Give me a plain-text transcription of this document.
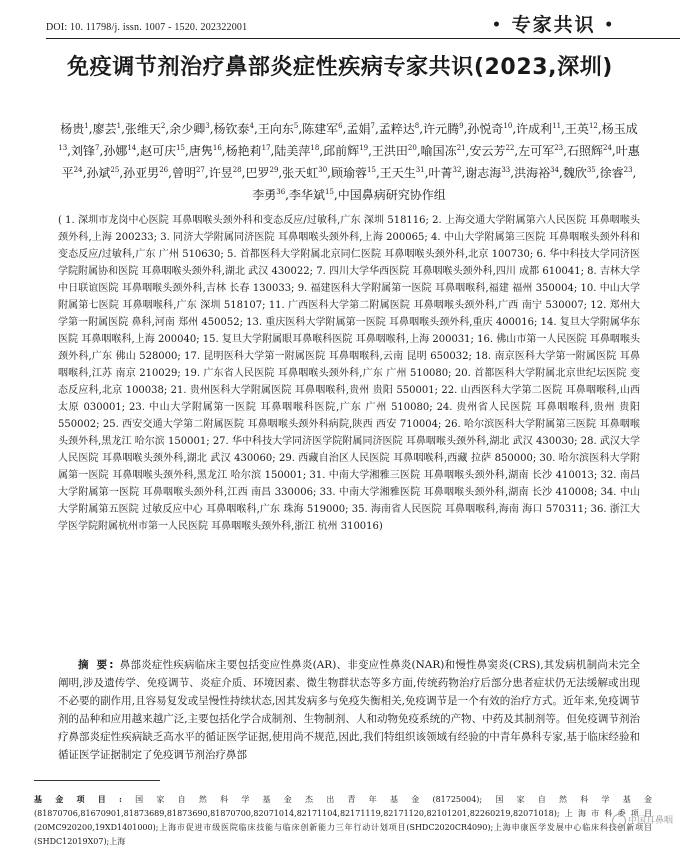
DOI: 10. 11798/j. issn. 1007 - 1520. 202322001	• 专家共识 •
免疫调节剂治疗鼻部炎症性疾病专家共识(2023,深圳)
杨贵$^1$,廖芸$^1$,张维天$^2$,余少卿$^3$,杨钦泰$^4$,王向东$^5$,陈建军$^6$,孟娟$^7$,孟粹达$^8$,许元腾$^9$,孙悦奇$^{10}$,许成利$^{11}$,王英$^{12}$,杨玉成$^{13}$,刘锋$^7$,孙娜$^{14}$,赵可庆$^{15}$,唐隽$^{16}$,杨艳莉$^{17}$,陆美萍$^{18}$,邱前辉$^{19}$,王洪田$^{20}$,喻国冻$^{21}$,安云芳$^{22}$,左可军$^{23}$,石照辉$^{24}$,叶惠平$^{24}$,孙斌$^{25}$,孙亚男$^{26}$,曾明$^{27}$,许昱$^{28}$,巴罗$^{29}$,张天虹$^{30}$,顾瑜蓉$^{15}$,王天生$^{31}$,叶菁$^{32}$,谢志海$^{33}$,洪海裕$^{34}$,魏欣$^{35}$,徐睿$^{23}$,李勇$^{36}$,李华斌$^{15}$,中国鼻病研究协作组
( 1. 深圳市龙岗中心医院 耳鼻咽喉头颈外科和变态反应/过敏科,广东 深圳 518116; 2. 上海交通大学附属第六人民医院 耳鼻咽喉头颈外科,上海 200233; 3. 同济大学附属同济医院 耳鼻咽喉头颈外科,上海 200065; 4. 中山大学附属第三医院 耳鼻咽喉头颈外科和变态反应/过敏科,广东 广州 510630; 5. 首都医科大学附属北京同仁医院 耳鼻咽喉头颈外科,北京 100730; 6. 华中科技大学同济医学院附属协和医院 耳鼻咽喉头颈外科,湖北 武汉 430022; 7. 四川大学华西医院 耳鼻咽喉头颈外科,四川 成都 610041; 8. 吉林大学中日联谊医院 耳鼻咽喉头颈外科,吉林 长春 130033; 9. 福建医科大学附属第一医院 耳鼻咽喉科,福建 福州 350004; 10. 中山大学附属第七医院 耳鼻咽喉科,广东 深圳 518107; 11. 广西医科大学第二附属医院 耳鼻咽喉头颈外科,广西 南宁 530007; 12. 郑州大学第一附属医院 鼻科,河南 郑州 450052; 13. 重庆医科大学附属第一医院 耳鼻咽喉头颈外科,重庆 400016; 14. 复旦大学附属华东医院 耳鼻咽喉科,上海 200040; 15. 复旦大学附属眼耳鼻喉科医院 耳鼻咽喉科,上海 200031; 16. 佛山市第一人民医院 耳鼻咽喉头颈外科,广东 佛山 528000; 17. 昆明医科大学第一附属医院 耳鼻咽喉科,云南 昆明 650032; 18. 南京医科大学第一附属医院 耳鼻咽喉科,江苏 南京 210029; 19. 广东省人民医院 耳鼻咽喉头颈外科,广东 广州 510080; 20. 首都医科大学附属北京世纪坛医院 变态反应科,北京 100038; 21. 贵州医科大学附属医院 耳鼻咽喉科,贵州 贵阳 550001; 22. 山西医科大学第二医院 耳鼻咽喉科,山西 太原 030001; 23. 中山大学附属第一医院 耳鼻咽喉科医院,广东 广州 510080; 24. 贵州省人民医院 耳鼻咽喉科,贵州 贵阳 550002; 25. 西安交通大学第二附属医院 耳鼻咽喉头颈外科病院,陕西 西安 710004; 26. 哈尔滨医科大学附属第三医院 耳鼻咽喉头颈外科,黑龙江 哈尔滨 150001; 27. 华中科技大学同济医学院附属同济医院 耳鼻咽喉头颈外科,湖北 武汉 430030; 28. 武汉大学人民医院 耳鼻咽喉头颈外科,湖北 武汉 430060; 29. 西藏自治区人民医院 耳鼻咽喉科,西藏 拉萨 850000; 30. 哈尔滨医科大学附属第一医院 耳鼻咽喉头颈外科,黑龙江 哈尔滨 150001; 31. 中南大学湘雅三医院 耳鼻咽喉头颈外科,湖南 长沙 410013; 32. 南昌大学附属第一医院 耳鼻咽喉头颈外科,江西 南昌 330006; 33. 中南大学湘雅医院 耳鼻咽喉头颈外科,湖南 长沙 410008; 34. 中山大学附属第五医院 过敏反应中心 耳鼻咽喉科,广东 珠海 519000; 35. 海南省人民医院 耳鼻咽喉科,海南 海口 570311; 36. 浙江大学医学院附属杭州市第一人民医院 耳鼻咽喉头颈外科,浙江 杭州 310016)
摘 要: 鼻部炎症性疾病临床主要包括变应性鼻炎(AR)、非变应性鼻炎(NAR)和慢性鼻窦炎(CRS),其发病机制尚未完全阐明,涉及遗传学、免疫调节、炎症介质、环境因素、微生物群状态等多方面,传统药物治疗后部分患者症状仍无法缓解或出现不必要的副作用,且容易复发或呈慢性持续状态,因其发病多与免疫失衡相关,免疫调节是一个有效的治疗方式。近年来,免疫调节剂的品种和应用越来越广泛,主要包括化学合成制剂、生物制剂、人和动物免疫系统的产物、中药及其制剂等。但免疫调节剂治疗鼻部炎症性疾病缺乏高水平的循证医学证据,使用尚不规范,因此,我们特组织该领域有经验的中青年鼻科专家,基于临床经验和循证医学证据制定了免疫调节剂治疗鼻部
基金项目:国家自然科学基金杰出青年基金(81725004);国家自然科学基金(81870706,81670901,81873689,81873690,81870700,82071014,82171104,82171119,82171120,82101201,82260219,82071018);上海市科委项目(20MC920200,19XD1401000);上海市促进市级医院临床技能与临床创新能力三年行动计划项目(SHDC2020CR4090);上海申康医学发展中心临床科技创新项目(SHDC12019X07);上海
中国耳鼻咽
